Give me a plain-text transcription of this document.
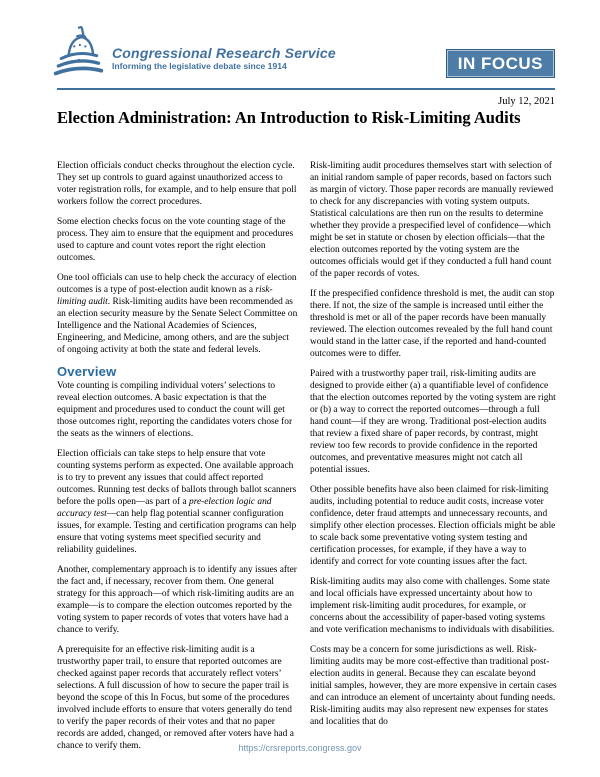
Congressional Research Service
Informing the legislative debate since 1914	IN FOCUS
July 12, 2021
Election Administration: An Introduction to Risk-Limiting Audits

Election officials conduct checks throughout the election cycle. They set up controls to guard against unauthorized access to voter registration rolls, for example, and to help ensure that poll workers follow the correct procedures.

Some election checks focus on the vote counting stage of the process. They aim to ensure that the equipment and procedures used to capture and count votes report the right election outcomes.

One tool officials can use to help check the accuracy of election outcomes is a type of post-election audit known as a risk-limiting audit. Risk-limiting audits have been recommended as an election security measure by the Senate Select Committee on Intelligence and the National Academies of Sciences, Engineering, and Medicine, among others, and are the subject of ongoing activity at both the state and federal levels.

Overview

Vote counting is compiling individual voters’ selections to reveal election outcomes. A basic expectation is that the equipment and procedures used to conduct the count will get those outcomes right, reporting the candidates voters chose for the seats as the winners of elections.

Election officials can take steps to help ensure that vote counting systems perform as expected. One available approach is to try to prevent any issues that could affect reported outcomes. Running test decks of ballots through ballot scanners before the polls open—as part of a pre-election logic and accuracy test—can help flag potential scanner configuration issues, for example. Testing and certification programs can help ensure that voting systems meet specified security and reliability guidelines.

Another, complementary approach is to identify any issues after the fact and, if necessary, recover from them. One general strategy for this approach—of which risk-limiting audits are an example—is to compare the election outcomes reported by the voting system to paper records of votes that voters have had a chance to verify.

A prerequisite for an effective risk-limiting audit is a trustworthy paper trail, to ensure that reported outcomes are checked against paper records that accurately reflect voters’ selections. A full discussion of how to secure the paper trail is beyond the scope of this In Focus, but some of the procedures involved include efforts to ensure that voters generally do tend to verify the paper records of their votes and that no paper records are added, changed, or removed after voters have had a chance to verify them.

Risk-limiting audit procedures themselves start with selection of an initial random sample of paper records, based on factors such as margin of victory. Those paper records are manually reviewed to check for any discrepancies with voting system outputs. Statistical calculations are then run on the results to determine whether they provide a prespecified level of confidence—which might be set in statute or chosen by election officials—that the election outcomes reported by the voting system are the outcomes officials would get if they conducted a full hand count of the paper records of votes.

If the prespecified confidence threshold is met, the audit can stop there. If not, the size of the sample is increased until either the threshold is met or all of the paper records have been manually reviewed. The election outcomes revealed by the full hand count would stand in the latter case, if the reported and hand-counted outcomes were to differ.

Paired with a trustworthy paper trail, risk-limiting audits are designed to provide either (a) a quantifiable level of confidence that the election outcomes reported by the voting system are right or (b) a way to correct the reported outcomes—through a full hand count—if they are wrong. Traditional post-election audits that review a fixed share of paper records, by contrast, might review too few records to provide confidence in the reported outcomes, and preventative measures might not catch all potential issues.

Other possible benefits have also been claimed for risk-limiting audits, including potential to reduce audit costs, increase voter confidence, deter fraud attempts and unnecessary recounts, and simplify other election processes. Election officials might be able to scale back some preventative voting system testing and certification processes, for example, if they have a way to identify and correct for vote counting issues after the fact.

Risk-limiting audits may also come with challenges. Some state and local officials have expressed uncertainty about how to implement risk-limiting audit procedures, for example, or concerns about the accessibility of paper-based voting systems and vote verification mechanisms to individuals with disabilities.

Costs may be a concern for some jurisdictions as well. Risk-limiting audits may be more cost-effective than traditional post-election audits in general. Because they can escalate beyond initial samples, however, they are more expensive in certain cases and can introduce an element of uncertainty about funding needs. Risk-limiting audits may also represent new expenses for states and localities that do

https://crsreports.congress.gov
